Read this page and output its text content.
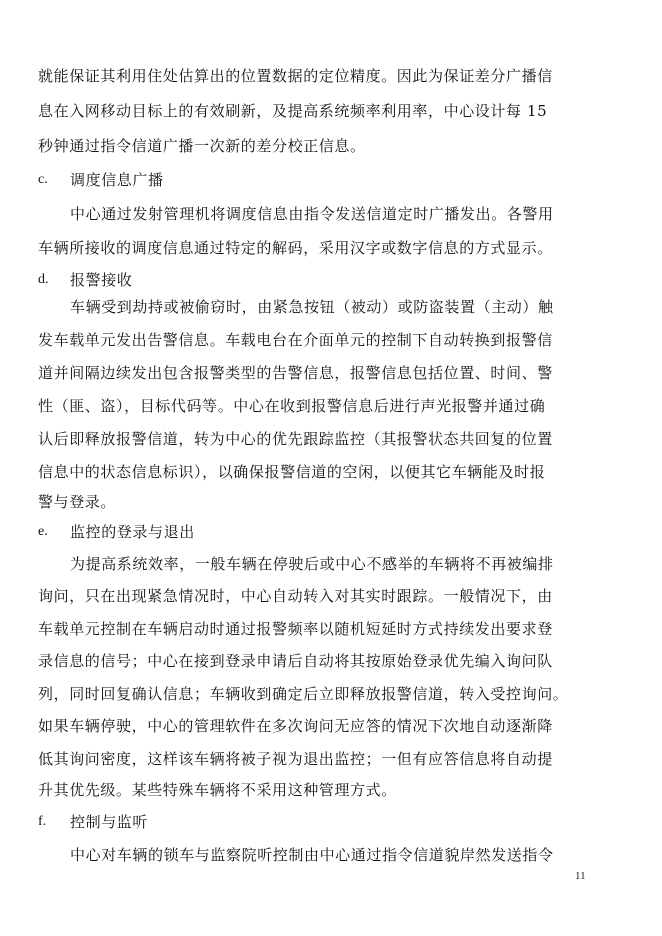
就能保证其利用住处估算出的位置数据的定位精度。因此为保证差分广播信
息在入网移动目标上的有效刷新，及提高系统频率利用率，中心设计每 15
秒钟通过指令信道广播一次新的差分校正信息。
c. 调度信息广播
中心通过发射管理机将调度信息由指令发送信道定时广播发出。各警用
车辆所接收的调度信息通过特定的解码，采用汉字或数字信息的方式显示。
d. 报警接收
车辆受到劫持或被偷窃时，由紧急按钮（被动）或防盗装置（主动）触
发车载单元发出告警信息。车载电台在介面单元的控制下自动转换到报警信
道并间隔边续发出包含报警类型的告警信息，报警信息包括位置、时间、警
性（匪、盗），目标代码等。中心在收到报警信息后进行声光报警并通过确
认后即释放报警信道，转为中心的优先跟踪监控（其报警状态共回复的位置
信息中的状态信息标识），以确保报警信道的空闲，以便其它车辆能及时报
警与登录。
e. 监控的登录与退出
为提高系统效率，一般车辆在停驶后或中心不感举的车辆将不再被编排
询问，只在出现紧急情况时，中心自动转入对其实时跟踪。一般情况下，由
车载单元控制在车辆启动时通过报警频率以随机短延时方式持续发出要求登
录信息的信号；中心在接到登录申请后自动将其按原始登录优先编入询问队
列，同时回复确认信息；车辆收到确定后立即释放报警信道，转入受控询问。
如果车辆停驶，中心的管理软件在多次询问无应答的情况下次地自动逐渐降
低其询问密度，这样该车辆将被子视为退出监控；一但有应答信息将自动提
升其优先级。某些特殊车辆将不采用这种管理方式。
f. 控制与监听
中心对车辆的锁车与监察院听控制由中心通过指令信道貌岸然发送指令
11
